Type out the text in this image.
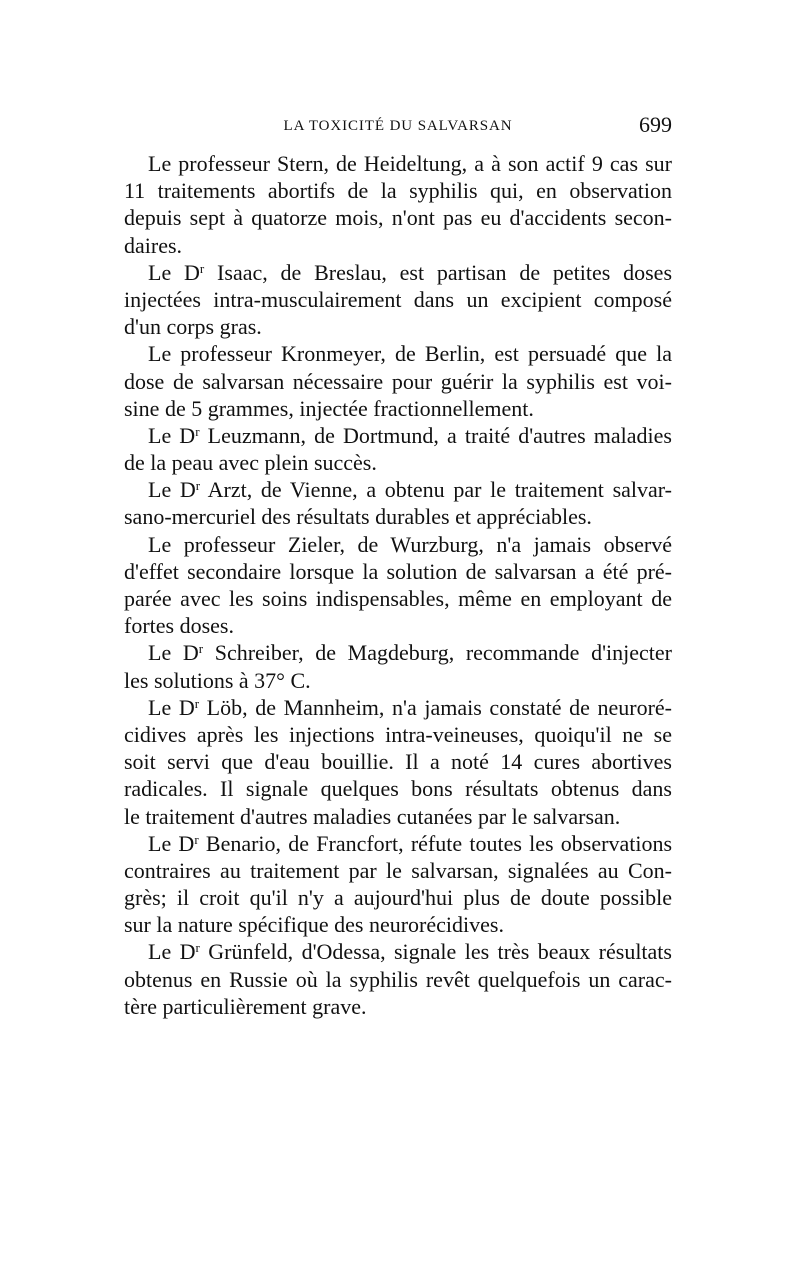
LA TOXICITÉ DU SALVARSAN	699
Le professeur Stern, de Heideltung, a à son actif 9 cas sur
11 traitements abortifs de la syphilis qui, en observation
depuis sept à quatorze mois, n'ont pas eu d'accidents secon-
daires.
Le $D^r$ Isaac, de Breslau, est partisan de petites doses
injectées intra-musculairement dans un excipient composé
d'un corps gras.
Le professeur Kronmeyer, de Berlin, est persuadé que la
dose de salvarsan nécessaire pour guérir la syphilis est voi-
sine de 5 grammes, injectée fractionnellement.
Le $D^r$ Leuzmann, de Dortmund, a traité d'autres maladies
de la peau avec plein succès.
Le $D^r$ Arzt, de Vienne, a obtenu par le traitement salvar-
sano-mercuriel des résultats durables et appréciables.
Le professeur Zieler, de Wurzburg, n'a jamais observé
d'effet secondaire lorsque la solution de salvarsan a été pré-
parée avec les soins indispensables, même en employant de
fortes doses.
Le $D^r$ Schreiber, de Magdeburg, recommande d'injecter
les solutions à 37° C.
Le $D^r$ Löb, de Mannheim, n'a jamais constaté de neuroré-
cidives après les injections intra-veineuses, quoiqu'il ne se
soit servi que d'eau bouillie. Il a noté 14 cures abortives
radicales. Il signale quelques bons résultats obtenus dans
le traitement d'autres maladies cutanées par le salvarsan.
Le $D^r$ Benario, de Francfort, réfute toutes les observations
contraires au traitement par le salvarsan, signalées au Con-
grès; il croit qu'il n'y a aujourd'hui plus de doute possible
sur la nature spécifique des neurorécidives.
Le $D^r$ Grünfeld, d'Odessa, signale les très beaux résultats
obtenus en Russie où la syphilis revêt quelquefois un carac-
tère particulièrement grave.
